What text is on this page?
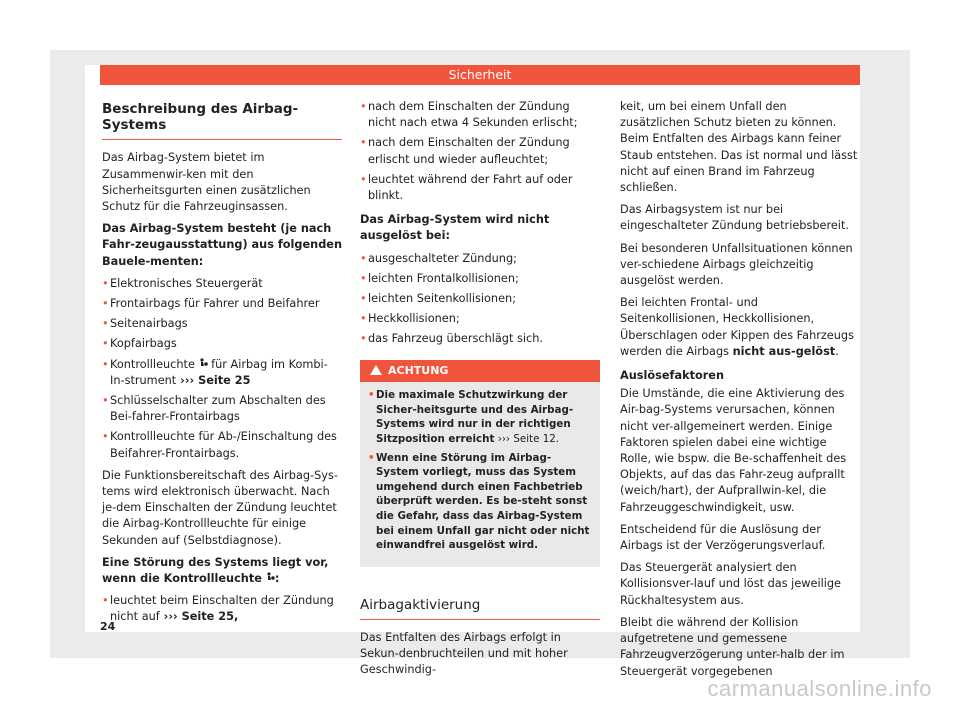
Sicherheit
Beschreibung des Airbag-Systems

Das Airbag-System bietet im Zusammenwir-ken mit den Sicherheitsgurten einen zusätzlichen Schutz für die Fahrzeuginsassen.

Das Airbag-System besteht (je nach Fahr-zeugausstattung) aus folgenden Bauele-menten:

• Elektronisches Steuergerät
• Frontairbags für Fahrer und Beifahrer
• Seitenairbags
• Kopfairbags
• Kontrollleuchte  für Airbag im Kombi-In-strument ››› Seite 25
• Schlüsselschalter zum Abschalten des Bei-fahrer-Frontairbags
• Kontrollleuchte für Ab-/Einschaltung des Beifahrer-Frontairbags.

Die Funktionsbereitschaft des Airbag-Sys-tems wird elektronisch überwacht. Nach je-dem Einschalten der Zündung leuchtet die Airbag-Kontrollleuchte für einige Sekunden auf (Selbstdiagnose).

Eine Störung des Systems liegt vor, wenn die Kontrollleuchte :

• leuchtet beim Einschalten der Zündung nicht auf ››› Seite 25,
• nach dem Einschalten der Zündung nicht nach etwa 4 Sekunden erlischt;
• nach dem Einschalten der Zündung erlischt und wieder aufleuchtet;
• leuchtet während der Fahrt auf oder blinkt.

Das Airbag-System wird nicht ausgelöst bei:

• ausgeschalteter Zündung;
• leichten Frontalkollisionen;
• leichten Seitenkollisionen;
• Heckkollisionen;
• das Fahrzeug überschlägt sich.
ACHTUNG
• Die maximale Schutzwirkung der Sicher-heitsgurte und des Airbag-Systems wird nur in der richtigen Sitzposition erreicht ››› Seite 12.
• Wenn eine Störung im Airbag-System vorliegt, muss das System umgehend durch einen Fachbetrieb überprüft werden. Es be-steht sonst die Gefahr, dass das Airbag-System bei einem Unfall gar nicht oder nicht einwandfrei ausgelöst wird.
Airbagaktivierung

Das Entfalten des Airbags erfolgt in Sekun-denbruchteilen und mit hoher Geschwindig-

keit, um bei einem Unfall den zusätzlichen Schutz bieten zu können. Beim Entfalten des Airbags kann feiner Staub entstehen. Das ist normal und lässt nicht auf einen Brand im Fahrzeug schließen.

Das Airbagsystem ist nur bei eingeschalteter Zündung betriebsbereit.

Bei besonderen Unfallsituationen können ver-schiedene Airbags gleichzeitig ausgelöst werden.

Bei leichten Frontal- und Seitenkollisionen, Heckkollisionen, Überschlagen oder Kippen des Fahrzeugs werden die Airbags nicht aus-gelöst.

Auslösefaktoren

Die Umstände, die eine Aktivierung des Air-bag-Systems verursachen, können nicht ver-allgemeinert werden. Einige Faktoren spielen dabei eine wichtige Rolle, wie bspw. die Be-schaffenheit des Objekts, auf das das Fahr-zeug aufprallt (weich/hart), der Aufprallwin-kel, die Fahrzeuggeschwindigkeit, usw.

Entscheidend für die Auslösung der Airbags ist der Verzögerungsverlauf.

Das Steuergerät analysiert den Kollisionsver-lauf und löst das jeweilige Rückhaltesystem aus.

Bleibt die während der Kollision aufgetretene und gemessene Fahrzeugverzögerung unter-halb der im Steuergerät vorgegebenen

24
carmanualsonline.info
